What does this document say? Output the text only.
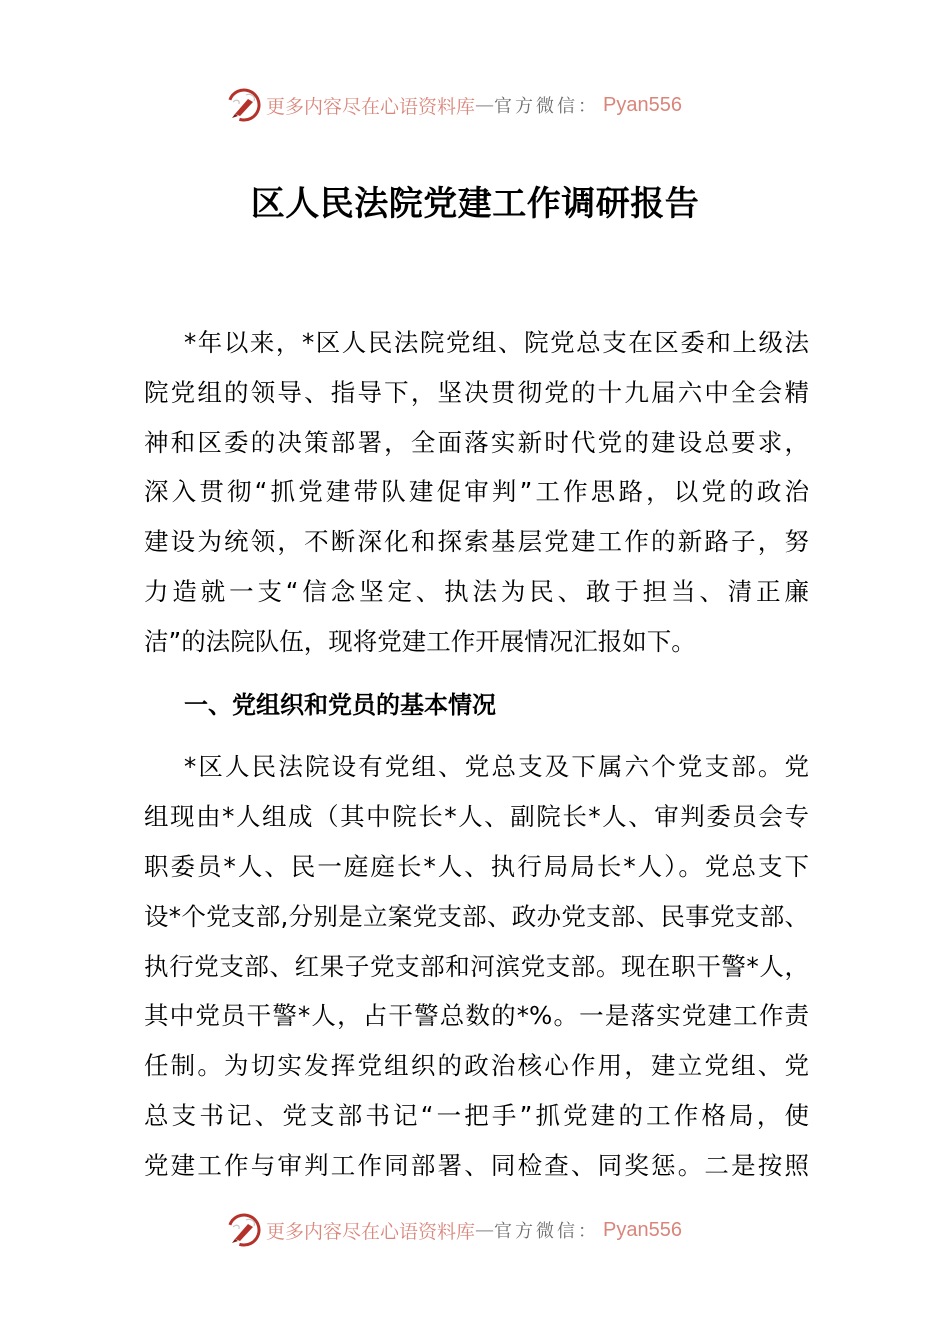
更多内容尽在心语资料库 — 官方微信： Pyan556
区人民法院党建工作调研报告
*年以来，*区人民法院党组、院党总支在区委和上级法
院党组的领导、指导下，坚决贯彻党的十九届六中全会精
神和区委的决策部署，全面落实新时代党的建设总要求，
深入贯彻“抓党建带队建促审判”工作思路，以党的政治
建设为统领，不断深化和探索基层党建工作的新路子，努
力造就一支“信念坚定、执法为民、敢于担当、清正廉
洁”的法院队伍，现将党建工作开展情况汇报如下。
一、党组织和党员的基本情况
*区人民法院设有党组、党总支及下属六个党支部。党
组现由*人组成（其中院长*人、副院长*人、审判委员会专
职委员*人、民一庭庭长*人、执行局局长*人）。党总支下
设*个党支部,分别是立案党支部、政办党支部、民事党支部、
执行党支部、红果子党支部和河滨党支部。现在职干警*人，
其中党员干警*人，占干警总数的*%。一是落实党建工作责
任制。为切实发挥党组织的政治核心作用，建立党组、党
总支书记、党支部书记“一把手”抓党建的工作格局，使
党建工作与审判工作同部署、同检查、同奖惩。二是按照
更多内容尽在心语资料库 — 官方微信： Pyan556
